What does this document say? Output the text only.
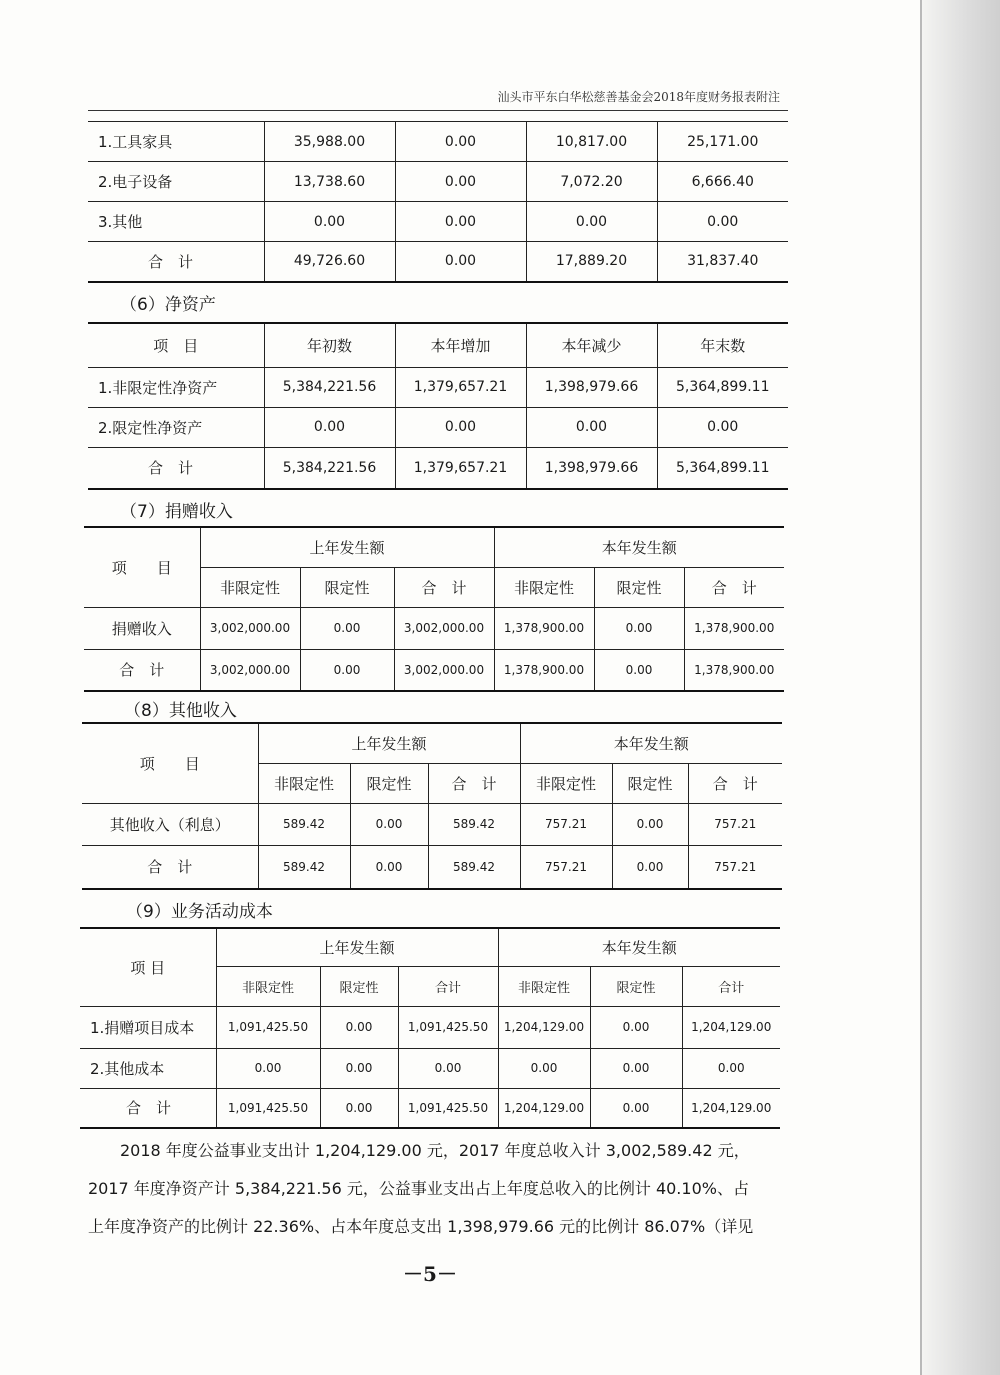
汕头市平东白华松慈善基金会2018年度财务报表附注
1.工具家具	35,988.00	0.00	10,817.00	25,171.00
2.电子设备	13,738.60	0.00	7,072.20	6,666.40
3.其他	0.00	0.00	0.00	0.00
合　计	49,726.60	0.00	17,889.20	31,837.40
（6）净资产
项　目	年初数	本年增加	本年减少	年末数
1.非限定性净资产	5,384,221.56	1,379,657.21	1,398,979.66	5,364,899.11
2.限定性净资产	0.00	0.00	0.00	0.00
合　计	5,384,221.56	1,379,657.21	1,398,979.66	5,364,899.11
（7）捐赠收入
项　　目	上年发生额			本年发生额		
	非限定性	限定性	合　计	非限定性	限定性	合　计
捐赠收入	3,002,000.00	0.00	3,002,000.00	1,378,900.00	0.00	1,378,900.00
合　计	3,002,000.00	0.00	3,002,000.00	1,378,900.00	0.00	1,378,900.00
（8）其他收入
项　　目	上年发生额			本年发生额		
	非限定性	限定性	合　计	非限定性	限定性	合　计
其他收入（利息）	589.42	0.00	589.42	757.21	0.00	757.21
合　计	589.42	0.00	589.42	757.21	0.00	757.21
（9）业务活动成本
项 目	上年发生额			本年发生额		
	非限定性	限定性	合计	非限定性	限定性	合计
1.捐赠项目成本	1,091,425.50	0.00	1,091,425.50	1,204,129.00	0.00	1,204,129.00
2.其他成本	0.00	0.00	0.00	0.00	0.00	0.00
合　计	1,091,425.50	0.00	1,091,425.50	1,204,129.00	0.00	1,204,129.00
　　2018 年度公益事业支出计 1,204,129.00 元，2017 年度总收入计 3,002,589.42 元，
2017 年度净资产计 5,384,221.56 元，公益事业支出占上年度总收入的比例计 40.10%、占
上年度净资产的比例计 22.36%、占本年度总支出 1,398,979.66 元的比例计 86.07%（详见
－5－
